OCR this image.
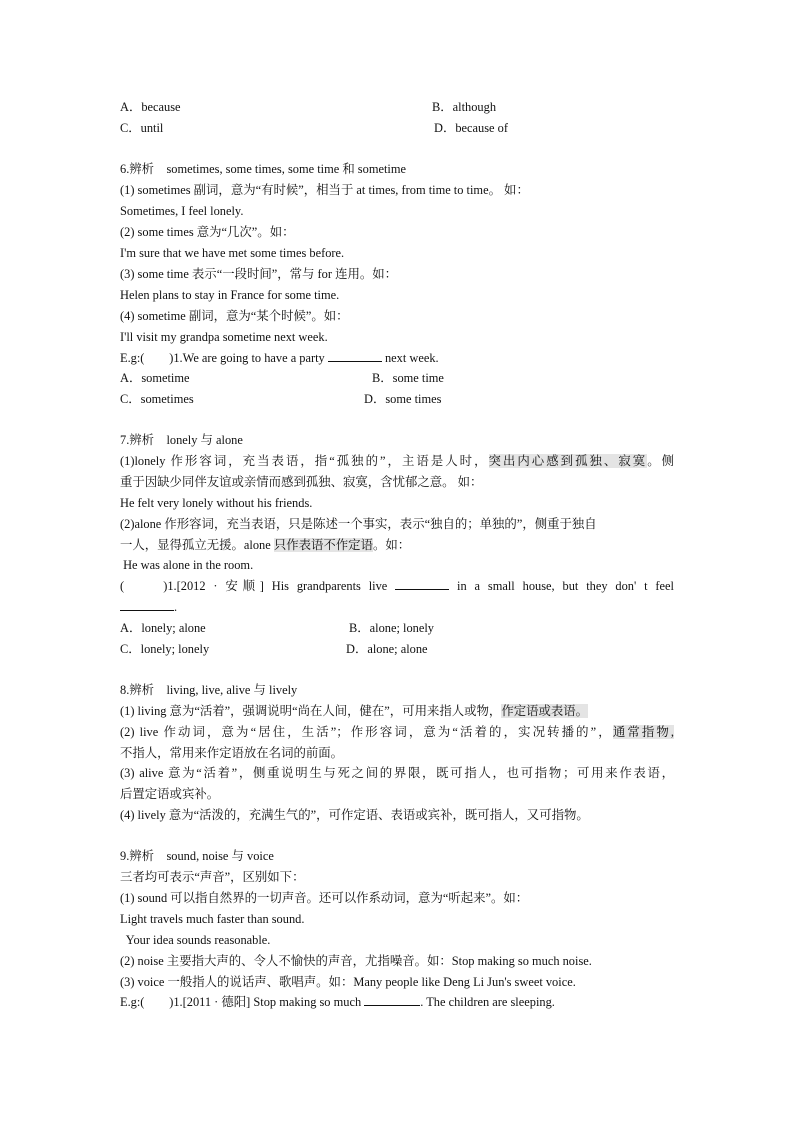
A．because	B．although
C．until	D．because of
6.辨析　sometimes, some times, some time 和 sometime
(1) sometimes 副词，意为“有时候”，相当于 at times, from time to time。 如：
Sometimes, I feel lonely.
(2) some times 意为“几次”。如：
I'm sure that we have met some times before.
(3) some time 表示“一段时间”，常与 for 连用。如：
Helen plans to stay in France for some time.
(4) sometime 副词，意为“某个时候”。如：
I'll visit my grandpa sometime next week.
E.g:(　　)1.We are going to have a party	next week.
A．sometime	B．some time
C．sometimes	D．some times
7.辨析　lonely 与 alone
(1)lonely 作形容词，充当表语，指“孤独的”，主语是人时，突出内心感到孤独、寂寞。侧
重于因缺少同伴友谊或亲情而感到孤独、寂寞，含忧郁之意。 如：
He felt very lonely without his friends.
(2)alone 作形容词，充当表语，只是陈述一个事实，表示“独自的；单独的”，侧重于独自
一人，显得孤立无援。alone 只作表语不作定语。如：
He was alone in the room.
(　　)1.[2012 · 安顺] His grandparents live	in a small house, but they don' t feel
.
A．lonely; alone	B．alone; lonely
C．lonely; lonely	D．alone; alone
8.辨析　living, live, alive 与 lively
(1) living 意为“活着”，强调说明“尚在人间，健在”，可用来指人或物，作定语或表语。
(2) live 作动词，意为“居住，生活”；作形容词，意为“活着的，实况转播的”，通常指物,
不指人，常用来作定语放在名词的前面。
(3) alive 意为“活着”，侧重说明生与死之间的界限，既可指人，也可指物；可用来作表语，
后置定语或宾补。
(4) lively 意为“活泼的，充满生气的”，可作定语、表语或宾补，既可指人，又可指物。
9.辨析　sound, noise 与 voice
三者均可表示“声音”，区别如下：
(1) sound 可以指自然界的一切声音。还可以作系动词，意为“听起来”。如：
Light travels much faster than sound.
Your idea sounds reasonable.
(2) noise 主要指大声的、令人不愉快的声音，尤指噪音。如：Stop making so much noise.
(3) voice 一般指人的说话声、歌唱声。如：Many people like Deng Li Jun's sweet voice.
E.g:(　　)1.[2011 · 德阳] Stop making so much	. The children are sleeping.
